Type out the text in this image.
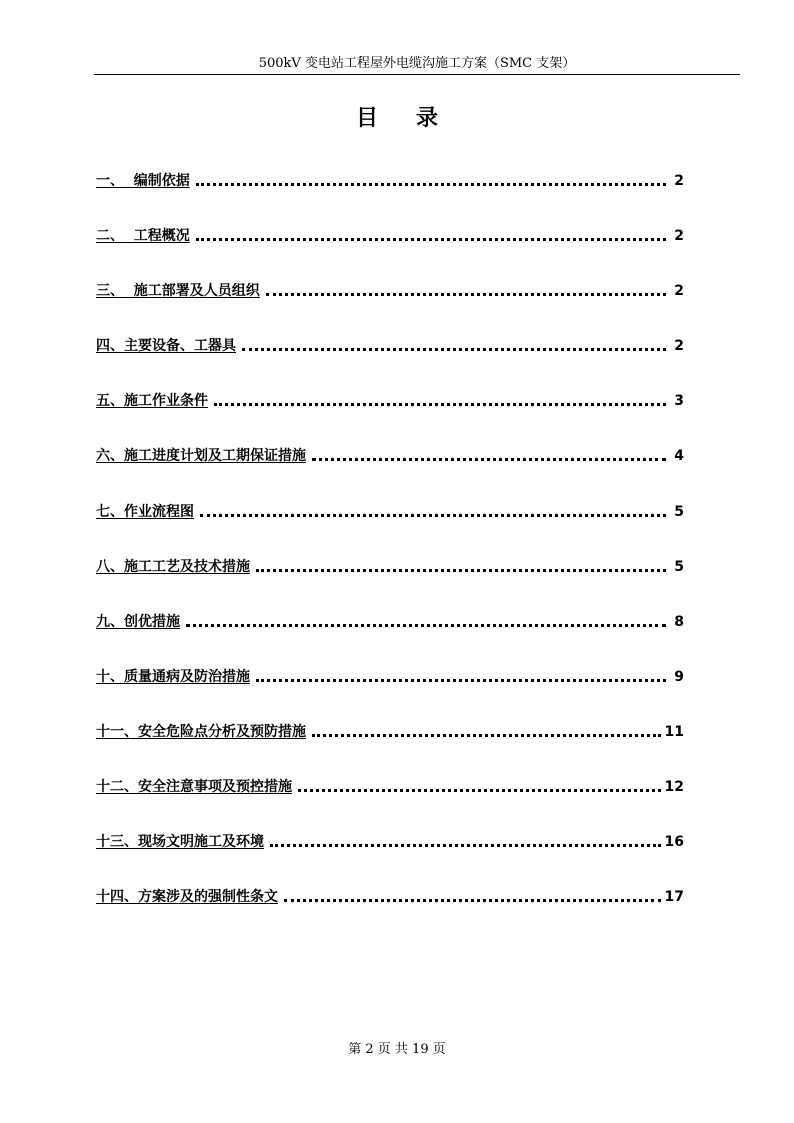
500kV 变电站工程屋外电缆沟施工方案（SMC 支架）
目 录
一、  编制依据	2
二、  工程概况	2
三、  施工部署及人员组织	2
四、主要设备、工器具	2
五、施工作业条件	3
六、施工进度计划及工期保证措施	4
七、作业流程图	5
八、施工工艺及技术措施	5
九、创优措施	8
十、质量通病及防治措施	9
十一、安全危险点分析及预防措施	11
十二、安全注意事项及预控措施	12
十三、现场文明施工及环境	16
十四、方案涉及的强制性条文	17
第 2 页 共 19 页
